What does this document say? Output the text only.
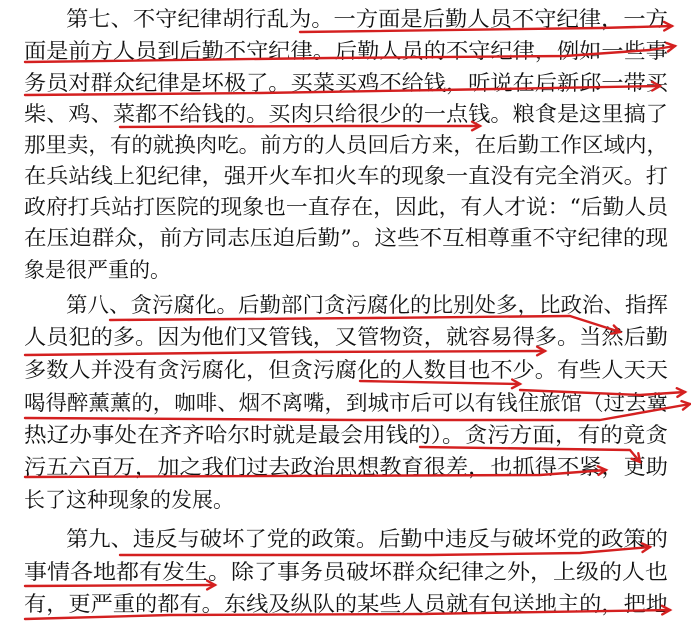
第七、不守纪律胡行乱为。一方面是后勤人员不守纪律，一方
面是前方人员到后勤不守纪律。后勤人员的不守纪律，例如一些事
务员对群众纪律是坏极了。买菜买鸡不给钱，听说在后新邱一带买
柴、鸡、菜都不给钱的。买肉只给很少的一点钱。粮食是这里搞了
那里卖，有的就换肉吃。前方的人员回后方来，在后勤工作区域内，
在兵站线上犯纪律，强开火车扣火车的现象一直没有完全消灭。打
政府打兵站打医院的现象也一直存在，因此，有人才说：“后勤人员
在压迫群众，前方同志压迫后勤”。这些不互相尊重不守纪律的现
象是很严重的。
第八、贪污腐化。后勤部门贪污腐化的比别处多，比政治、指挥
人员犯的多。因为他们又管钱，又管物资，就容易得多。当然后勤
多数人并没有贪污腐化，但贪污腐化的人数目也不少。有些人天天
喝得醉薰薰的，咖啡、烟不离嘴，到城市后可以有钱住旅馆（过去冀
热辽办事处在齐齐哈尔时就是最会用钱的）。贪污方面，有的竟贪
污五六百万，加之我们过去政治思想教育很差，也抓得不紧，更助
长了这种现象的发展。
第九、违反与破坏了党的政策。后勤中违反与破坏党的政策的
事情各地都有发生。除了事务员破坏群众纪律之外，上级的人也
有，更严重的都有。东线及纵队的某些人员就有包送地主的，把地
